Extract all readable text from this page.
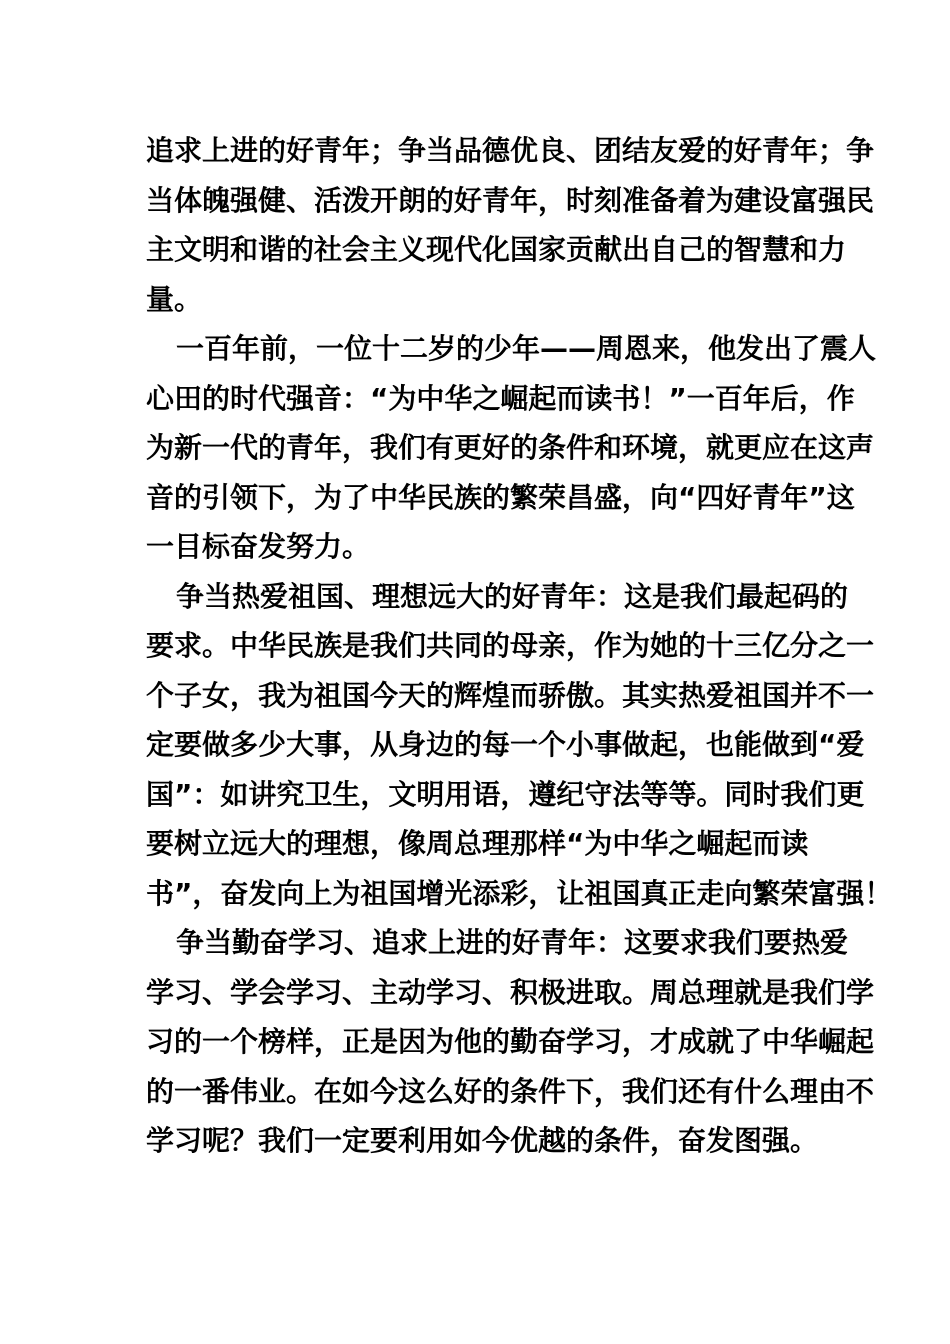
追求上进的好青年；争当品德优良、团结友爱的好青年；争
当体魄强健、活泼开朗的好青年，时刻准备着为建设富强民
主文明和谐的社会主义现代化国家贡献出自己的智慧和力
量。
一百年前，一位十二岁的少年——周恩来，他发出了震人
心田的时代强音：“为中华之崛起而读书！”一百年后，作
为新一代的青年，我们有更好的条件和环境，就更应在这声
音的引领下，为了中华民族的繁荣昌盛，向“四好青年”这
一目标奋发努力。
争当热爱祖国、理想远大的好青年：这是我们最起码的
要求。中华民族是我们共同的母亲，作为她的十三亿分之一
个子女，我为祖国今天的辉煌而骄傲。其实热爱祖国并不一
定要做多少大事，从身边的每一个小事做起，也能做到“爱
国”：如讲究卫生，文明用语，遵纪守法等等。同时我们更
要树立远大的理想，像周总理那样“为中华之崛起而读
书”，奋发向上为祖国增光添彩，让祖国真正走向繁荣富强！
争当勤奋学习、追求上进的好青年：这要求我们要热爱
学习、学会学习、主动学习、积极进取。周总理就是我们学
习的一个榜样，正是因为他的勤奋学习，才成就了中华崛起
的一番伟业。在如今这么好的条件下，我们还有什么理由不
学习呢？我们一定要利用如今优越的条件，奋发图强。
